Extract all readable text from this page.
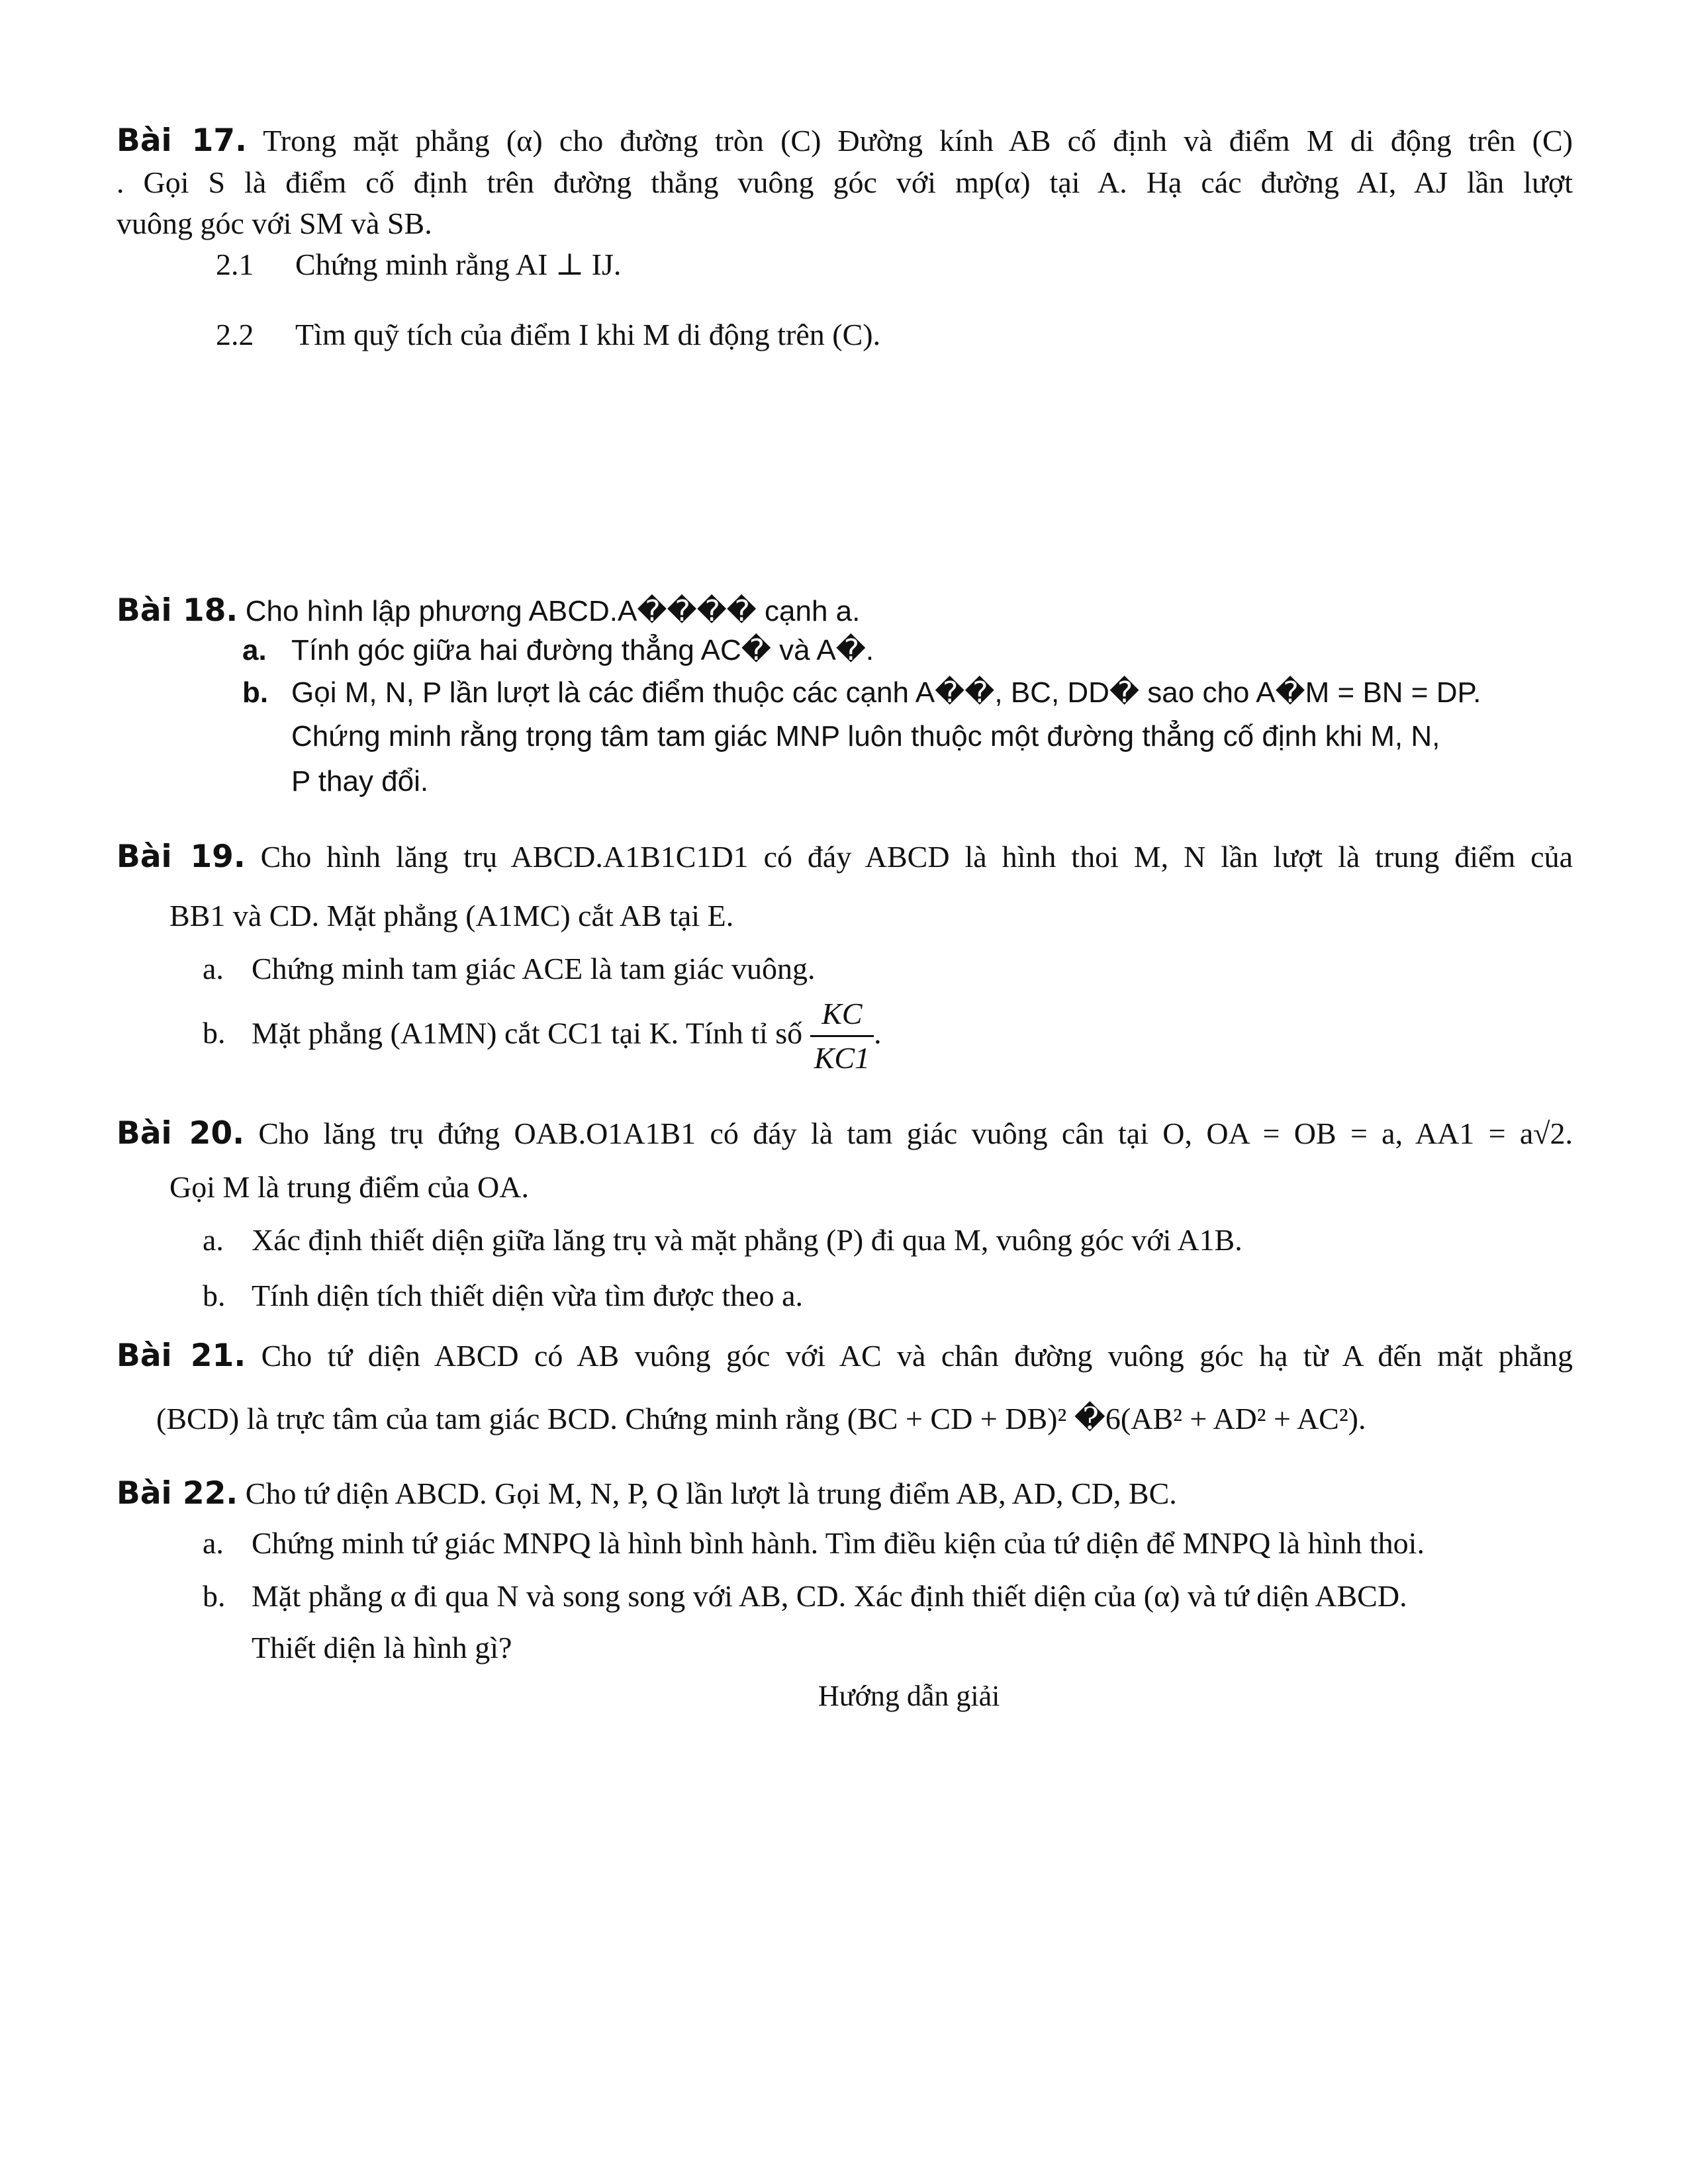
Bài 17. Trong mặt phẳng (α) cho đường tròn (C) Đường kính AB cố định và điểm M di động trên (C)
. Gọi S là điểm cố định trên đường thẳng vuông góc với mp(α) tại A. Hạ các đường AI, AJ lần lượt
vuông góc với SM và SB.
2.1 Chứng minh rằng AI ⊥ IJ.
2.2 Tìm quỹ tích của điểm I khi M di động trên (C).
Bài 18. Cho hình lập phương ABCD.A���� cạnh a.
a. Tính góc giữa hai đường thẳng AC� và A�.
b. Gọi M, N, P lần lượt là các điểm thuộc các cạnh A��, BC, DD� sao cho A�M = BN = DP.
Chứng minh rằng trọng tâm tam giác MNP luôn thuộc một đường thẳng cố định khi M, N,
P thay đổi.
Bài 19. Cho hình lăng trụ ABCD.A1B1C1D1 có đáy ABCD là hình thoi M, N lần lượt là trung điểm của
BB1 và CD. Mặt phẳng (A1MC) cắt AB tại E.
a. Chứng minh tam giác ACE là tam giác vuông.
b. Mặt phẳng (A1MN) cắt CC1 tại K. Tính tỉ số $\frac{KC}{KC1}$ .
Bài 20. Cho lăng trụ đứng OAB.O1A1B1 có đáy là tam giác vuông cân tại O, OA = OB = a, AA1 = a√2.
Gọi M là trung điểm của OA.
a. Xác định thiết diện giữa lăng trụ và mặt phẳng (P) đi qua M, vuông góc với A1B.
b. Tính diện tích thiết diện vừa tìm được theo a.
Bài 21. Cho tứ diện ABCD có AB vuông góc với AC và chân đường vuông góc hạ từ A đến mặt phẳng
(BCD) là trực tâm của tam giác BCD. Chứng minh rằng (BC + CD + DB)² �6(AB² + AD² + AC²).
Bài 22. Cho tứ diện ABCD. Gọi M, N, P, Q lần lượt là trung điểm AB, AD, CD, BC.
a. Chứng minh tứ giác MNPQ là hình bình hành. Tìm điều kiện của tứ diện để MNPQ là hình thoi.
b. Mặt phẳng α đi qua N và song song với AB, CD. Xác định thiết diện của (α) và tứ diện ABCD.
Thiết diện là hình gì?
Hướng dẫn giải
